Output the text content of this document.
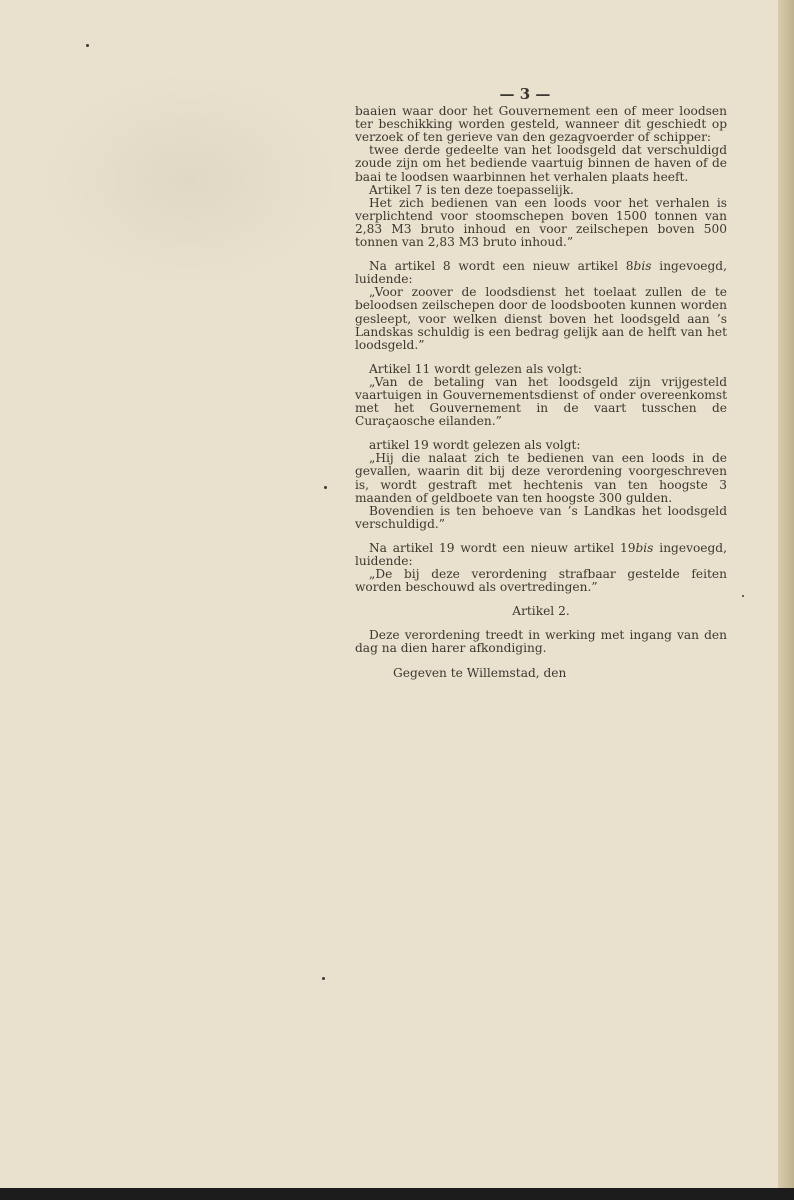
— 3 —

baaien waar door het Gouvernement een of meer loodsen ter beschikking worden gesteld, wanneer dit geschiedt op verzoek of ten gerieve van den gezagvoerder of schipper:

twee derde gedeelte van het loodsgeld dat verschuldigd zoude zijn om het bediende vaartuig binnen de haven of de baai te loodsen waarbinnen het verhalen plaats heeft.

Artikel 7 is ten deze toepasselijk.

Het zich bedienen van een loods voor het verhalen is verplichtend voor stoomschepen boven 1500 tonnen van 2,83 M3 bruto inhoud en voor zeilschepen boven 500 tonnen van 2,83 M3 bruto inhoud.”

Na artikel 8 wordt een nieuw artikel 8bis ingevoegd, luidende:

„Voor zoover de loodsdienst het toelaat zullen de te beloodsen zeilschepen door de loodsbooten kunnen worden gesleept, voor welken dienst boven het loodsgeld aan ’s Landskas schuldig is een bedrag gelijk aan de helft van het loodsgeld.”

Artikel 11 wordt gelezen als volgt:

„Van de betaling van het loodsgeld zijn vrijgesteld vaartuigen in Gouvernementsdienst of onder overeenkomst met het Gouvernement in de vaart tusschen de Curaçaosche eilanden.”

artikel 19 wordt gelezen als volgt:

„Hij die nalaat zich te bedienen van een loods in de gevallen, waarin dit bij deze verordening voorgeschreven is, wordt gestraft met hechtenis van ten hoogste 3 maanden of geldboete van ten hoogste 300 gulden.

Bovendien is ten behoeve van ’s Landkas het loodsgeld verschuldigd.”

Na artikel 19 wordt een nieuw artikel 19bis ingevoegd, luidende:

„De bij deze verordening strafbaar gestelde feiten worden beschouwd als overtredingen.”

Artikel 2.

Deze verordening treedt in werking met ingang van den dag na dien harer afkondiging.

Gegeven te Willemstad, den
